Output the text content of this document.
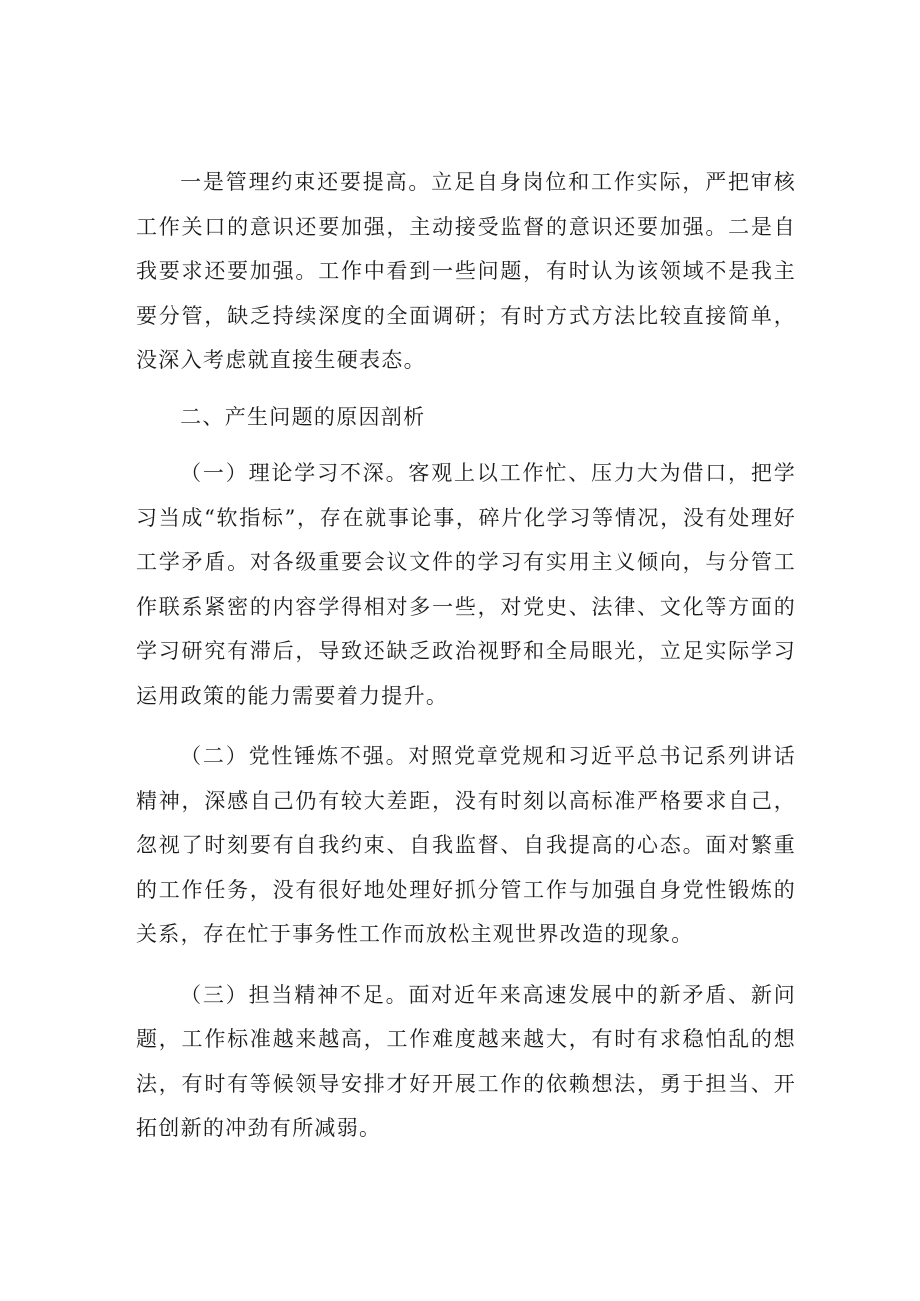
一是管理约束还要提高。立足自身岗位和工作实际，严把审核工作关口的意识还要加强，主动接受监督的意识还要加强。二是自我要求还要加强。工作中看到一些问题，有时认为该领域不是我主要分管，缺乏持续深度的全面调研；有时方式方法比较直接简单，没深入考虑就直接生硬表态。

二、产生问题的原因剖析

（一）理论学习不深。客观上以工作忙、压力大为借口，把学习当成“软指标”，存在就事论事，碎片化学习等情况，没有处理好工学矛盾。对各级重要会议文件的学习有实用主义倾向，与分管工作联系紧密的内容学得相对多一些，对党史、法律、文化等方面的学习研究有滞后，导致还缺乏政治视野和全局眼光，立足实际学习运用政策的能力需要着力提升。

（二）党性锤炼不强。对照党章党规和习近平总书记系列讲话精神，深感自己仍有较大差距，没有时刻以高标准严格要求自己，忽视了时刻要有自我约束、自我监督、自我提高的心态。面对繁重的工作任务，没有很好地处理好抓分管工作与加强自身党性锻炼的关系，存在忙于事务性工作而放松主观世界改造的现象。

（三）担当精神不足。面对近年来高速发展中的新矛盾、新问题，工作标准越来越高，工作难度越来越大，有时有求稳怕乱的想法，有时有等候领导安排才好开展工作的依赖想法，勇于担当、开拓创新的冲劲有所减弱。
